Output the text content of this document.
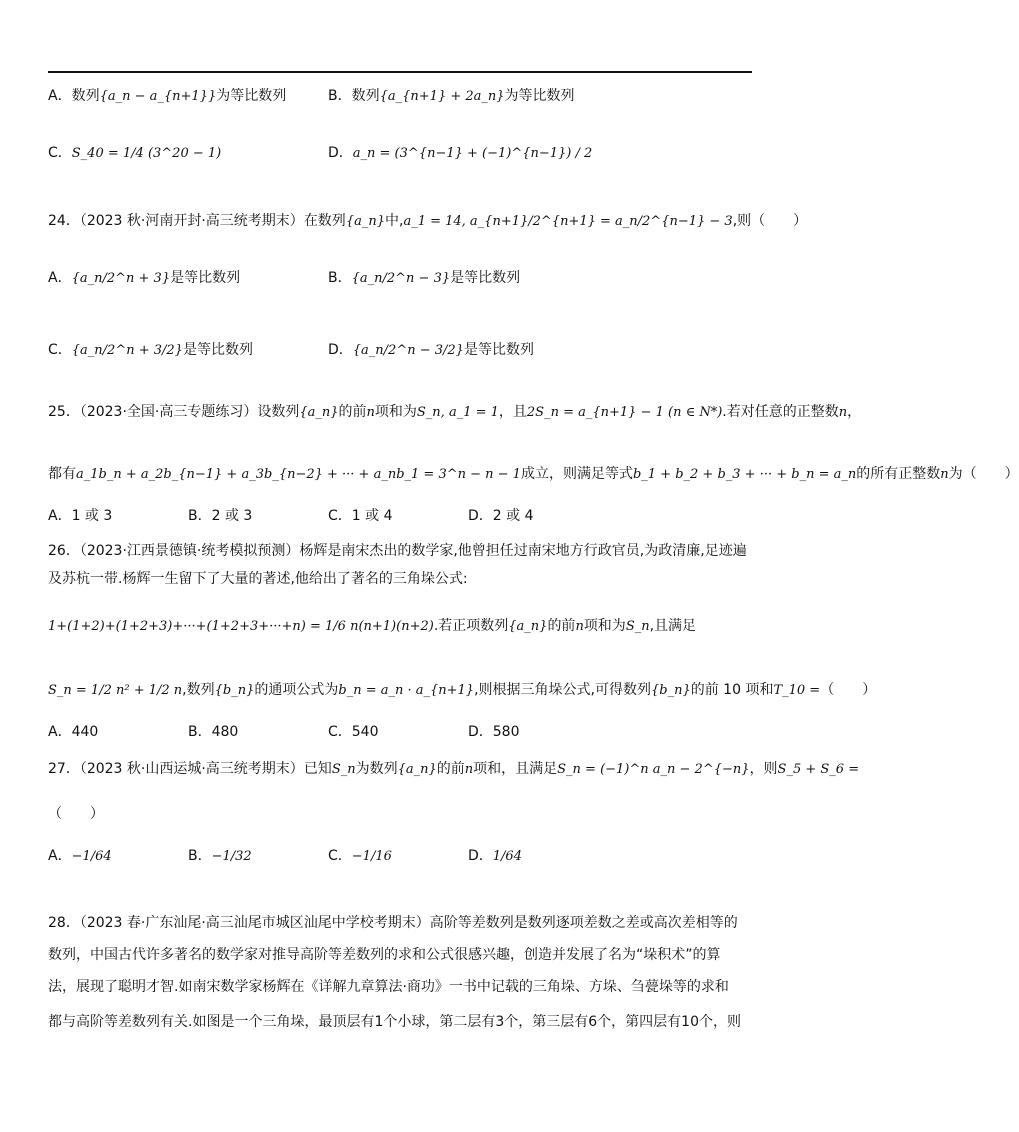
A．数列{a_n − a_{n+1}}为等比数列	B．数列{a_{n+1} + 2a_n}为等比数列
C．S_40 = 1/4 (3^20 − 1)	D．a_n = (3^{n−1} + (−1)^{n−1}) / 2
24．（2023 秋·河南开封·高三统考期末）在数列{a_n}中,a_1 = 14, a_{n+1}/2^{n+1} = a_n/2^{n−1} − 3,则（　　）
A．{a_n/2^n + 3}是等比数列	B．{a_n/2^n − 3}是等比数列
C．{a_n/2^n + 3/2}是等比数列	D．{a_n/2^n − 3/2}是等比数列
25．（2023·全国·高三专题练习）设数列{a_n}的前n项和为S_n, a_1 = 1，且2S_n = a_{n+1} − 1 (n ∈ N*).若对任意的正整数n，
都有a_1b_n + a_2b_{n−1} + a_3b_{n−2} + ··· + a_nb_1 = 3^n − n − 1成立，则满足等式b_1 + b_2 + b_3 + ··· + b_n = a_n的所有正整数n为（　　）
A．1 或 3	B．2 或 3	C．1 或 4	D．2 或 4
26．（2023·江西景德镇·统考模拟预测）杨辉是南宋杰出的数学家,他曾担任过南宋地方行政官员,为政清廉,足迹遍
及苏杭一带.杨辉一生留下了大量的著述,他给出了著名的三角垛公式:
1+(1+2)+(1+2+3)+···+(1+2+3+···+n) = 1/6 n(n+1)(n+2).若正项数列{a_n}的前n项和为S_n,且满足
S_n = 1/2 n² + 1/2 n,数列{b_n}的通项公式为b_n = a_n · a_{n+1},则根据三角垛公式,可得数列{b_n}的前 10 项和T_10 =（　　）
A．440	B．480	C．540	D．580
27．（2023 秋·山西运城·高三统考期末）已知S_n为数列{a_n}的前n项和，且满足S_n = (−1)^n a_n − 2^{−n}，则S_5 + S_6 =
（　　）
A．−1/64	B．−1/32	C．−1/16	D．1/64
28．（2023 春·广东汕尾·高三汕尾市城区汕尾中学校考期末）高阶等差数列是数列逐项差数之差或高次差相等的
数列，中国古代许多著名的数学家对推导高阶等差数列的求和公式很感兴趣，创造并发展了名为“垛积术”的算
法，展现了聪明才智.如南宋数学家杨辉在《详解九章算法·商功》一书中记载的三角垛、方垛、刍甍垛等的求和
都与高阶等差数列有关.如图是一个三角垛，最顶层有1个小球，第二层有3个，第三层有6个，第四层有10个，则
